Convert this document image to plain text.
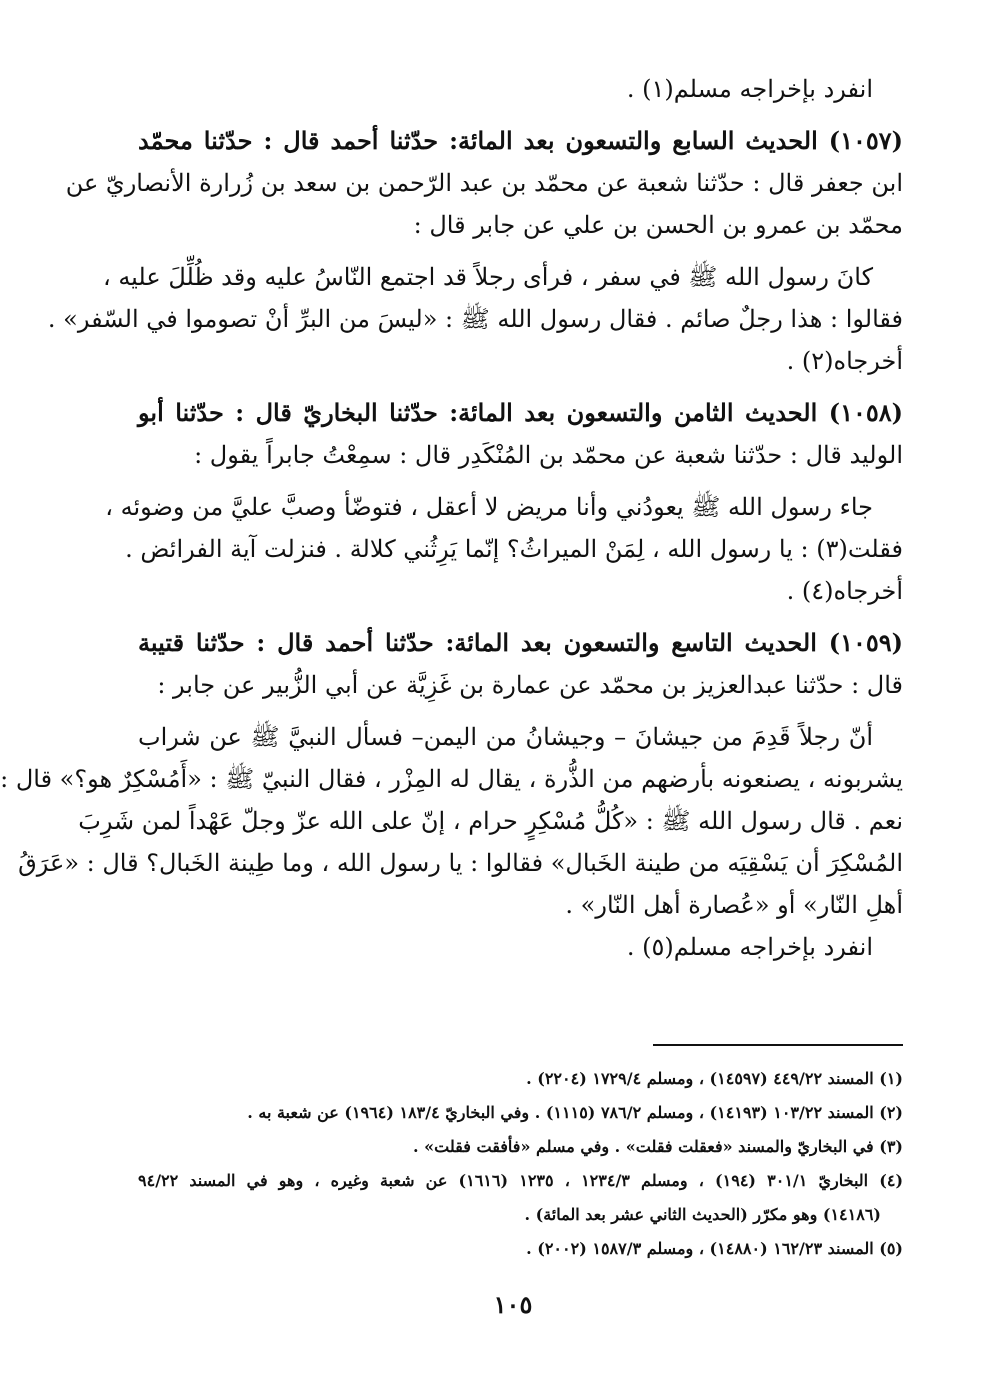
انفرد بإخراجه مسلم(١) .
(١٠٥٧) الحديث السابع والتسعون بعد المائة: حدّثنا أحمد قال : حدّثنا محمّد
ابن جعفر قال : حدّثنا شعبة عن محمّد بن عبد الرّحمن بن سعد بن زُرارة الأنصاريّ عن
محمّد بن عمرو بن الحسن بن علي عن جابر قال :
كانَ رسول الله ﷺ في سفر ، فرأى رجلاً قد اجتمع النّاسُ عليه وقد ظُلِّلَ عليه ،
فقالوا : هذا رجلٌ صائم . فقال رسول الله ﷺ : «ليسَ من البرِّ أنْ تصوموا في السّفر» .
أخرجاه(٢) .
(١٠٥٨) الحديث الثامن والتسعون بعد المائة: حدّثنا البخاريّ قال : حدّثنا أبو
الوليد قال : حدّثنا شعبة عن محمّد بن المُنْكَدِر قال : سمِعْتُ جابراً يقول :
جاء رسول الله ﷺ يعودُني وأنا مريض لا أعقل ، فتوضّأ وصبَّ عليَّ من وضوئه ،
فقلت(٣) : يا رسول الله ، لِمَنْ الميراثُ؟ إنّما يَرِثُني كلالة . فنزلت آية الفرائض .
أخرجاه(٤) .
(١٠٥٩) الحديث التاسع والتسعون بعد المائة: حدّثنا أحمد قال : حدّثنا قتيبة
قال : حدّثنا عبدالعزيز بن محمّد عن عمارة بن غَزِيَّة عن أبي الزُّبير عن جابر :
أنّ رجلاً قَدِمَ من جيشانَ – وجيشانُ من اليمن– فسأل النبيَّ ﷺ عن شراب
يشربونه ، يصنعونه بأرضهم من الذُّرة ، يقال له المِزْر ، فقال النبيّ ﷺ : «أَمُسْكِرٌ هو؟» قال :
نعم . قال رسول الله ﷺ : «كُلُّ مُسْكِرٍ حرام ، إنّ على الله عزّ وجلّ عَهْداً لمن شَرِبَ
المُسْكِرَ أن يَسْقِيَه من طينة الخَبال» فقالوا : يا رسول الله ، وما طِينة الخَبال؟ قال : «عَرَقُ
أهلِ النّار» أو «عُصارة أهل النّار» .
انفرد بإخراجه مسلم(٥) .
(١) المسند ٤٤٩/٢٢ (١٤٥٩٧) ، ومسلم ١٧٢٩/٤ (٢٢٠٤) .
(٢) المسند ١٠٣/٢٢ (١٤١٩٣) ، ومسلم ٧٨٦/٢ (١١١٥) . وفي البخاريّ ١٨٣/٤ (١٩٦٤) عن شعبة به .
(٣) في البخاريّ والمسند «فعقلت فقلت» . وفي مسلم «فأفقت فقلت» .
(٤) البخاريّ ٣٠١/١ (١٩٤) ، ومسلم ١٢٣٤/٣ ، ١٢٣٥ (١٦١٦) عن شعبة وغيره ، وهو في المسند ٩٤/٢٢
(١٤١٨٦) وهو مكرّر (الحديث الثاني عشر بعد المائة) .
(٥) المسند ١٦٢/٢٣ (١٤٨٨٠) ، ومسلم ١٥٨٧/٣ (٢٠٠٢) .
١٠٥
